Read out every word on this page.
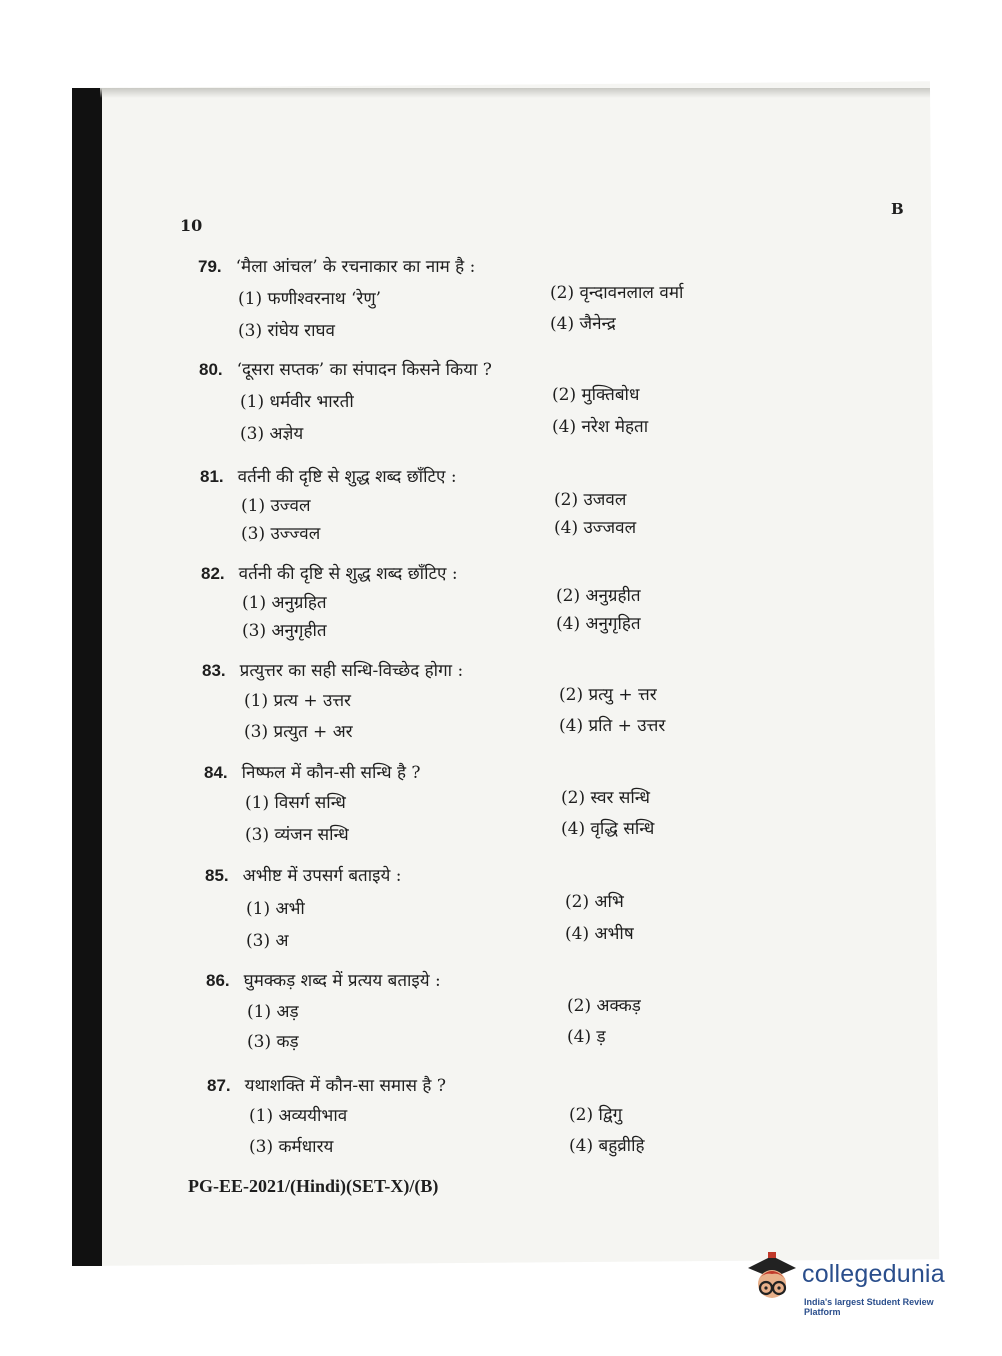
10
B
79. ‘मैला आंचल’ के रचनाकार का नाम है :
(1) फणीश्वरनाथ ‘रेणु’	(2) वृन्दावनलाल वर्मा
(3) रांघेय राघव	(4) जैनेन्द्र
80. ‘दूसरा सप्तक’ का संपादन किसने किया ?
(1) धर्मवीर भारती	(2) मुक्तिबोध
(3) अज्ञेय	(4) नरेश मेहता
81. वर्तनी की दृष्टि से शुद्ध शब्द छाँटिए :
(1) उज्वल	(2) उजवल
(3) उज्ज्वल	(4) उज्जवल
82. वर्तनी की दृष्टि से शुद्ध शब्द छाँटिए :
(1) अनुग्रहित	(2) अनुग्रहीत
(3) अनुगृहीत	(4) अनुगृहित
83. प्रत्युत्तर का सही सन्धि-विच्छेद होगा :
(1) प्रत्य + उत्तर	(2) प्रत्यु + त्तर
(3) प्रत्युत + अर	(4) प्रति + उत्तर
84. निष्फल में कौन-सी सन्धि है ?
(1) विसर्ग सन्धि	(2) स्वर सन्धि
(3) व्यंजन सन्धि	(4) वृद्धि सन्धि
85. अभीष्ट में उपसर्ग बताइये :
(1) अभी	(2) अभि
(3) अ	(4) अभीष
86. घुमक्कड़ शब्द में प्रत्यय बताइये :
(1) अड़	(2) अक्कड़
(3) कड़	(4) ड़
87. यथाशक्ति में कौन-सा समास है ?
(1) अव्ययीभाव	(2) द्विगु
(3) कर्मधारय	(4) बहुव्रीहि
PG-EE-2021/(Hindi)(SET-X)/(B)
collegedunia
India's largest Student Review Platform
